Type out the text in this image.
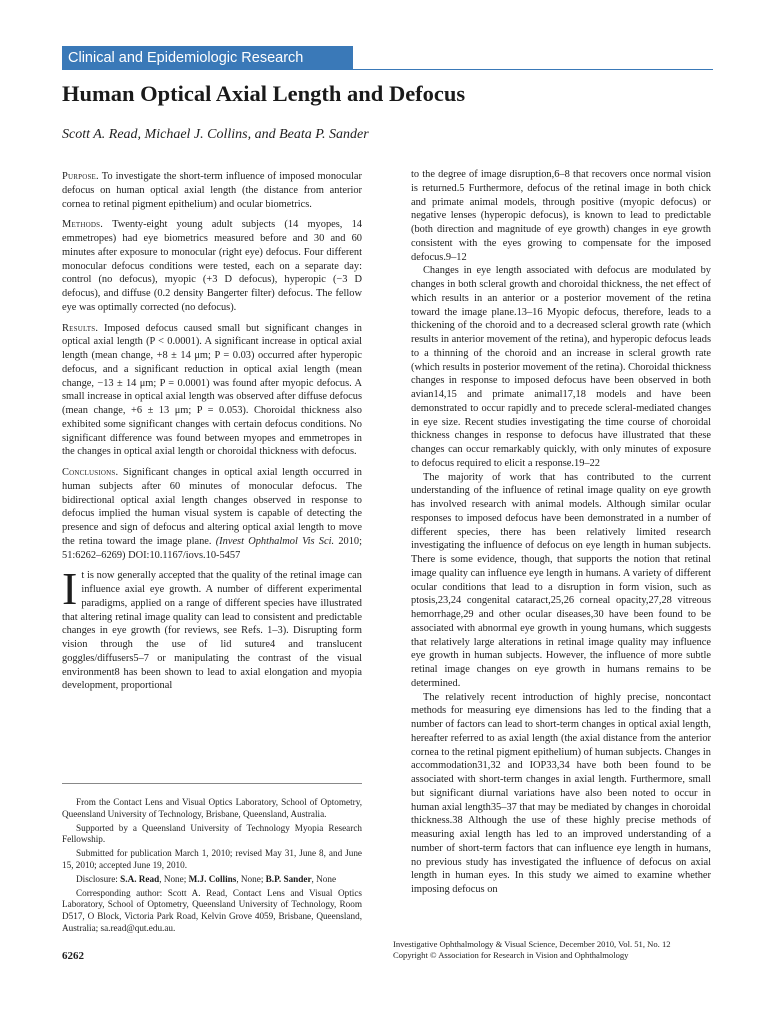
Clinical and Epidemiologic Research
Human Optical Axial Length and Defocus
Scott A. Read, Michael J. Collins, and Beata P. Sander

Purpose. To investigate the short-term influence of imposed monocular defocus on human optical axial length (the distance from anterior cornea to retinal pigment epithelium) and ocular biometrics.

Methods. Twenty-eight young adult subjects (14 myopes, 14 emmetropes) had eye biometrics measured before and 30 and 60 minutes after exposure to monocular (right eye) defocus. Four different monocular defocus conditions were tested, each on a separate day: control (no defocus), myopic (+3 D defocus), hyperopic (−3 D defocus), and diffuse (0.2 density Bangerter filter) defocus. The fellow eye was optimally corrected (no defocus).

Results. Imposed defocus caused small but significant changes in optical axial length (P < 0.0001). A significant increase in optical axial length (mean change, +8 ± 14 μm; P = 0.03) occurred after hyperopic defocus, and a significant reduction in optical axial length (mean change, −13 ± 14 μm; P = 0.0001) was found after myopic defocus. A small increase in optical axial length was observed after diffuse defocus (mean change, +6 ± 13 μm; P = 0.053). Choroidal thickness also exhibited some significant changes with certain defocus conditions. No significant difference was found between myopes and emmetropes in the changes in optical axial length or choroidal thickness with defocus.

Conclusions. Significant changes in optical axial length occurred in human subjects after 60 minutes of monocular defocus. The bidirectional optical axial length changes observed in response to defocus implied the human visual system is capable of detecting the presence and sign of defocus and altering optical axial length to move the retina toward the image plane. (Invest Ophthalmol Vis Sci. 2010; 51:6262–6269) DOI:10.1167/iovs.10-5457

It is now generally accepted that the quality of the retinal image can influence axial eye growth. A number of different experimental paradigms, applied on a range of different species have illustrated that altering retinal image quality can lead to consistent and predictable changes in eye growth (for reviews, see Refs. 1–3). Disrupting form vision through the use of lid suture4 and translucent goggles/diffusers5–7 or manipulating the contrast of the visual environment8 has been shown to lead to axial elongation and myopia development, proportional

From the Contact Lens and Visual Optics Laboratory, School of Optometry, Queensland University of Technology, Brisbane, Queensland, Australia.

Supported by a Queensland University of Technology Myopia Research Fellowship.

Submitted for publication March 1, 2010; revised May 31, June 8, and June 15, 2010; accepted June 19, 2010.

Disclosure: S.A. Read, None; M.J. Collins, None; B.P. Sander, None

Corresponding author: Scott A. Read, Contact Lens and Visual Optics Laboratory, School of Optometry, Queensland University of Technology, Room D517, O Block, Victoria Park Road, Kelvin Grove 4059, Brisbane, Queensland, Australia; sa.read@qut.edu.au.

to the degree of image disruption,6–8 that recovers once normal vision is returned.5 Furthermore, defocus of the retinal image in both chick and primate animal models, through positive (myopic defocus) or negative lenses (hyperopic defocus), is known to lead to predictable (both direction and magnitude of eye growth) changes in eye growth consistent with the eyes growing to compensate for the imposed defocus.9–12

Changes in eye length associated with defocus are modulated by changes in both scleral growth and choroidal thickness, the net effect of which results in an anterior or a posterior movement of the retina toward the image plane.13–16 Myopic defocus, therefore, leads to a thickening of the choroid and to a decreased scleral growth rate (which results in anterior movement of the retina), and hyperopic defocus leads to a thinning of the choroid and an increase in scleral growth rate (which results in posterior movement of the retina). Choroidal thickness changes in response to imposed defocus have been observed in both avian14,15 and primate animal17,18 models and have been demonstrated to occur rapidly and to precede scleral-mediated changes in eye size. Recent studies investigating the time course of choroidal thickness changes in response to defocus have illustrated that these changes can occur remarkably quickly, with only minutes of exposure to defocus required to elicit a response.19–22

The majority of work that has contributed to the current understanding of the influence of retinal image quality on eye growth has involved research with animal models. Although similar ocular responses to imposed defocus have been demonstrated in a number of different species, there has been relatively limited research investigating the influence of defocus on eye length in human subjects. There is some evidence, though, that supports the notion that retinal image quality can influence eye length in humans. A variety of different ocular conditions that lead to a disruption in form vision, such as ptosis,23,24 congenital cataract,25,26 corneal opacity,27,28 vitreous hemorrhage,29 and other ocular diseases,30 have been found to be associated with abnormal eye growth in young humans, which suggests that relatively large alterations in retinal image quality may influence eye growth in human subjects. However, the influence of more subtle retinal image changes on eye growth in humans remains to be determined.

The relatively recent introduction of highly precise, noncontact methods for measuring eye dimensions has led to the finding that a number of factors can lead to short-term changes in optical axial length, hereafter referred to as axial length (the axial distance from the anterior cornea to the retinal pigment epithelium) of human subjects. Changes in accommodation31,32 and IOP33,34 have both been found to be associated with short-term changes in axial length. Furthermore, small but significant diurnal variations have also been noted to occur in human axial length35–37 that may be mediated by changes in choroidal thickness.38 Although the use of these highly precise methods of measuring axial length has led to an improved understanding of a number of short-term factors that can influence eye length in humans, no previous study has investigated the influence of defocus on axial length in human eyes. In this study we aimed to examine whether imposing defocus on

6262
Investigative Ophthalmology & Visual Science, December 2010, Vol. 51, No. 12
Copyright © Association for Research in Vision and Ophthalmology
